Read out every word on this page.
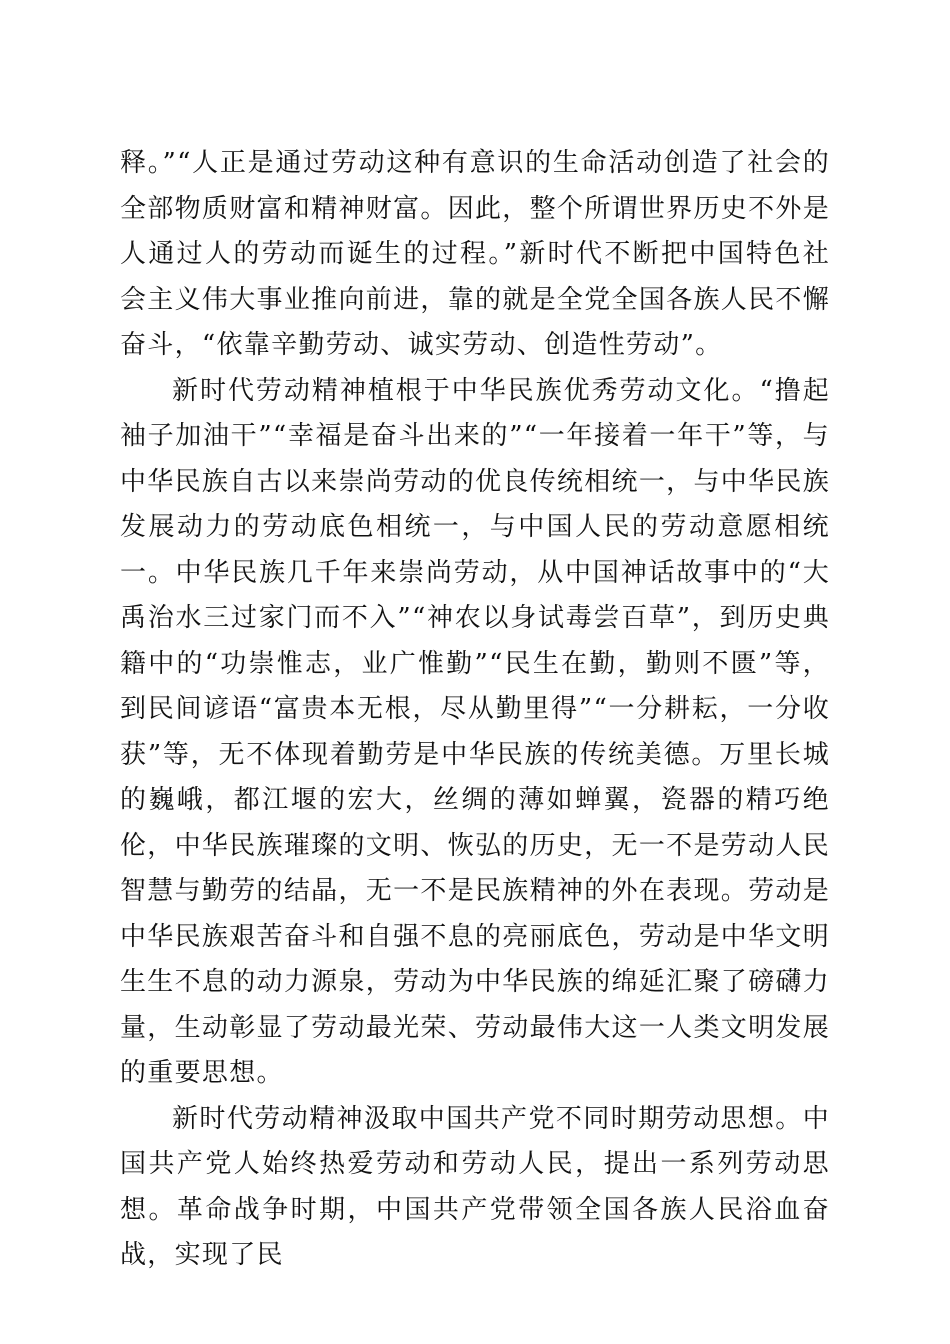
释。”“人正是通过劳动这种有意识的生命活动创造了社会的全部物质财富和精神财富。因此，整个所谓世界历史不外是人通过人的劳动而诞生的过程。”新时代不断把中国特色社会主义伟大事业推向前进，靠的就是全党全国各族人民不懈奋斗，“依靠辛勤劳动、诚实劳动、创造性劳动”。

新时代劳动精神植根于中华民族优秀劳动文化。“撸起袖子加油干”“幸福是奋斗出来的”“一年接着一年干”等，与中华民族自古以来崇尚劳动的优良传统相统一，与中华民族发展动力的劳动底色相统一，与中国人民的劳动意愿相统一。中华民族几千年来崇尚劳动，从中国神话故事中的“大禹治水三过家门而不入”“神农以身试毒尝百草”，到历史典籍中的“功崇惟志，业广惟勤”“民生在勤，勤则不匮”等，到民间谚语“富贵本无根，尽从勤里得”“一分耕耘，一分收获”等，无不体现着勤劳是中华民族的传统美德。万里长城的巍峨，都江堰的宏大，丝绸的薄如蝉翼，瓷器的精巧绝伦，中华民族璀璨的文明、恢弘的历史，无一不是劳动人民智慧与勤劳的结晶，无一不是民族精神的外在表现。劳动是中华民族艰苦奋斗和自强不息的亮丽底色，劳动是中华文明生生不息的动力源泉，劳动为中华民族的绵延汇聚了磅礴力量，生动彰显了劳动最光荣、劳动最伟大这一人类文明发展的重要思想。

新时代劳动精神汲取中国共产党不同时期劳动思想。中国共产党人始终热爱劳动和劳动人民，提出一系列劳动思想。革命战争时期，中国共产党带领全国各族人民浴血奋战，实现了民
